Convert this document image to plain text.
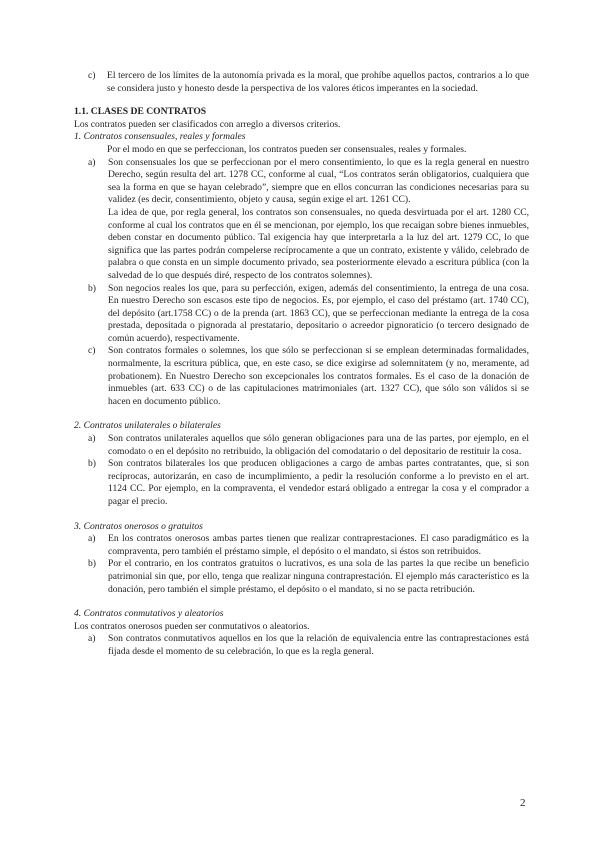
c)	El tercero de los límites de la autonomía privada es la moral, que prohíbe aquellos pactos, contrarios a lo que se considera justo y honesto desde la perspectiva de los valores éticos imperantes en la sociedad.
1.1. CLASES DE CONTRATOS

Los contratos pueden ser clasificados con arreglo a diversos criterios.

1. Contratos consensuales, reales y formales

Por el modo en que se perfeccionan, los contratos pueden ser consensuales, reales y formales.

a)	Son consensuales los que se perfeccionan por el mero consentimiento, lo que es la regla general en nuestro Derecho, según resulta del art. 1278 CC, conforme al cual, “Los contratos serán obligatorios, cualquiera que sea la forma en que se hayan celebrado”, siempre que en ellos concurran las condiciones necesarias para su validez (es decir, consentimiento, objeto y causa, según exige el art. 1261 CC).

La idea de que, por regla general, los contratos son consensuales, no queda desvirtuada por el art. 1280 CC, conforme al cual los contratos que en él se mencionan, por ejemplo, los que recaigan sobre bienes inmuebles, deben constar en documento público. Tal exigencia hay que interpretarla a la luz del art. 1279 CC, lo que significa que las partes podrán compelerse recíprocamente a que un contrato, existente y válido, celebrado de palabra o que consta en un simple documento privado, sea posteriormente elevado a escritura pública (con la salvedad de lo que después diré, respecto de los contratos solemnes).

b)	Son negocios reales los que, para su perfección, exigen, además del consentimiento, la entrega de una cosa. En nuestro Derecho son escasos este tipo de negocios. Es, por ejemplo, el caso del préstamo (art. 1740 CC), del depósito (art.1758 CC) o de la prenda (art. 1863 CC), que se perfeccionan mediante la entrega de la cosa prestada, depositada o pignorada al prestatario, depositario o acreedor pignoraticio (o tercero designado de común acuerdo), respectivamente.

c)	Son contratos formales o solemnes, los que sólo se perfeccionan si se emplean determinadas formalidades, normalmente, la escritura pública, que, en este caso, se dice exigirse ad solemnitatem (y no, meramente, ad probationem). En Nuestro Derecho son excepcionales los contratos formales. Es el caso de la donación de inmuebles (art. 633 CC) o de las capitulaciones matrimoniales (art. 1327 CC), que sólo son válidos si se hacen en documento público.

2. Contratos unilaterales o bilaterales

a)	Son contratos unilaterales aquellos que sólo generan obligaciones para una de las partes, por ejemplo, en el comodato o en el depósito no retribuido, la obligación del comodatario o del depositario de restituir la cosa.

b)	Son contratos bilaterales los que producen obligaciones a cargo de ambas partes contratantes, que, si son recíprocas, autorizarán, en caso de incumplimiento, a pedir la resolución conforme a lo previsto en el art. 1124 CC. Por ejemplo, en la compraventa, el vendedor estará obligado a entregar la cosa y el comprador a pagar el precio.

3. Contratos onerosos o gratuitos

a)	En los contratos onerosos ambas partes tienen que realizar contraprestaciones. El caso paradigmático es la compraventa, pero también el préstamo simple, el depósito o el mandato, si éstos son retribuidos.

b)	Por el contrario, en los contratos gratuitos o lucrativos, es una sola de las partes la que recibe un beneficio patrimonial sin que, por ello, tenga que realizar ninguna contraprestación. El ejemplo más característico es la donación, pero también el simple préstamo, el depósito o el mandato, si no se pacta retribución.

4. Contratos conmutativos y aleatorios

Los contratos onerosos pueden ser conmutativos o aleatorios.

a)	Son contratos conmutativos aquellos en los que la relación de equivalencia entre las contraprestaciones está fijada desde el momento de su celebración, lo que es la regla general.

2
